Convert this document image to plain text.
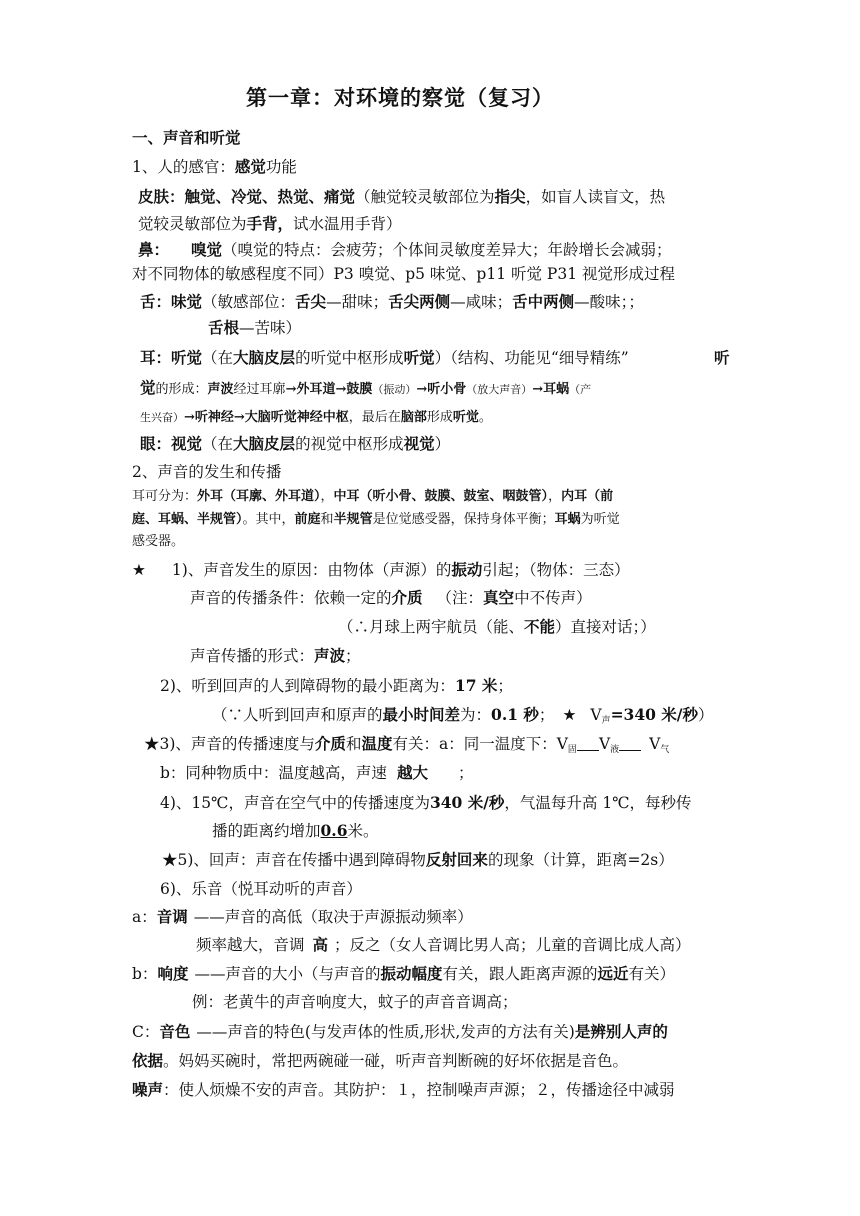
第一章：对环境的察觉（复习）
一、声音和听觉
1、人的感官：感觉功能
皮肤：触觉、冷觉、热觉、痛觉（触觉较灵敏部位为指尖，如盲人读盲文，热
觉较灵敏部位为手背，试水温用手背）
鼻： 嗅觉（嗅觉的特点：会疲劳；个体间灵敏度差异大；年龄增长会减弱；
对不同物体的敏感程度不同）P3 嗅觉、p5 味觉、p11 听觉 P31 视觉形成过程
舌：味觉（敏感部位：舌尖—甜味；舌尖两侧—咸味；舌中两侧—酸味；；
舌根—苦味）
耳：听觉（在大脑皮层的听觉中枢形成听觉）（结构、功能见“细导精练”	听
觉的形成：声波经过耳廓→外耳道→鼓膜（振动）→听小骨（放大声音）→耳蜗（产
生兴奋）→听神经→大脑听觉神经中枢，最后在脑部形成听觉。
眼：视觉（在大脑皮层的视觉中枢形成视觉）
2、声音的发生和传播
耳可分为：外耳（耳廓、外耳道），中耳（听小骨、鼓膜、鼓室、咽鼓管），内耳（前
庭、耳蜗、半规管）。其中，前庭和半规管是位觉感受器，保持身体平衡；耳蜗为听觉
感受器。
★ 1)、声音发生的原因：由物体（声源）的振动引起；（物体：三态）
声音的传播条件：依赖一定的介质 （注：真空中不传声）
（∴月球上两宇航员（能、不能）直接对话；）
声音传播的形式：声波；
2)、听到回声的人到障碍物的最小距离为：17 米；
（∵人听到回声和原声的最小时间差为：0.1 秒； ★ $V_声=340$ 米/秒）
★3)、声音的传播速度与介质和温度有关：a：同一温度下：$V_固$ $V_液$ $V_气$
b：同种物质中：温度越高，声速 越大 ；
4)、15℃，声音在空气中的传播速度为340 米/秒，气温每升高 1℃，每秒传
播的距离约增加0.6米。
★5)、回声：声音在传播中遇到障碍物反射回来的现象（计算，距离=2s）
6)、乐音（悦耳动听的声音）
a：音调 ——声音的高低（取决于声源振动频率）
频率越大，音调 高 ；反之（女人音调比男人高；儿童的音调比成人高）
b：响度 ——声音的大小（与声音的振动幅度有关，跟人距离声源的远近有关）
例：老黄牛的声音响度大，蚊子的声音音调高；
C：音色 ——声音的特色(与发声体的性质,形状,发声的方法有关)是辨别人声的
依据。妈妈买碗时，常把两碗碰一碰，听声音判断碗的好坏依据是音色。
噪声：使人烦燥不安的声音。其防护：１，控制噪声声源；２，传播途径中减弱
